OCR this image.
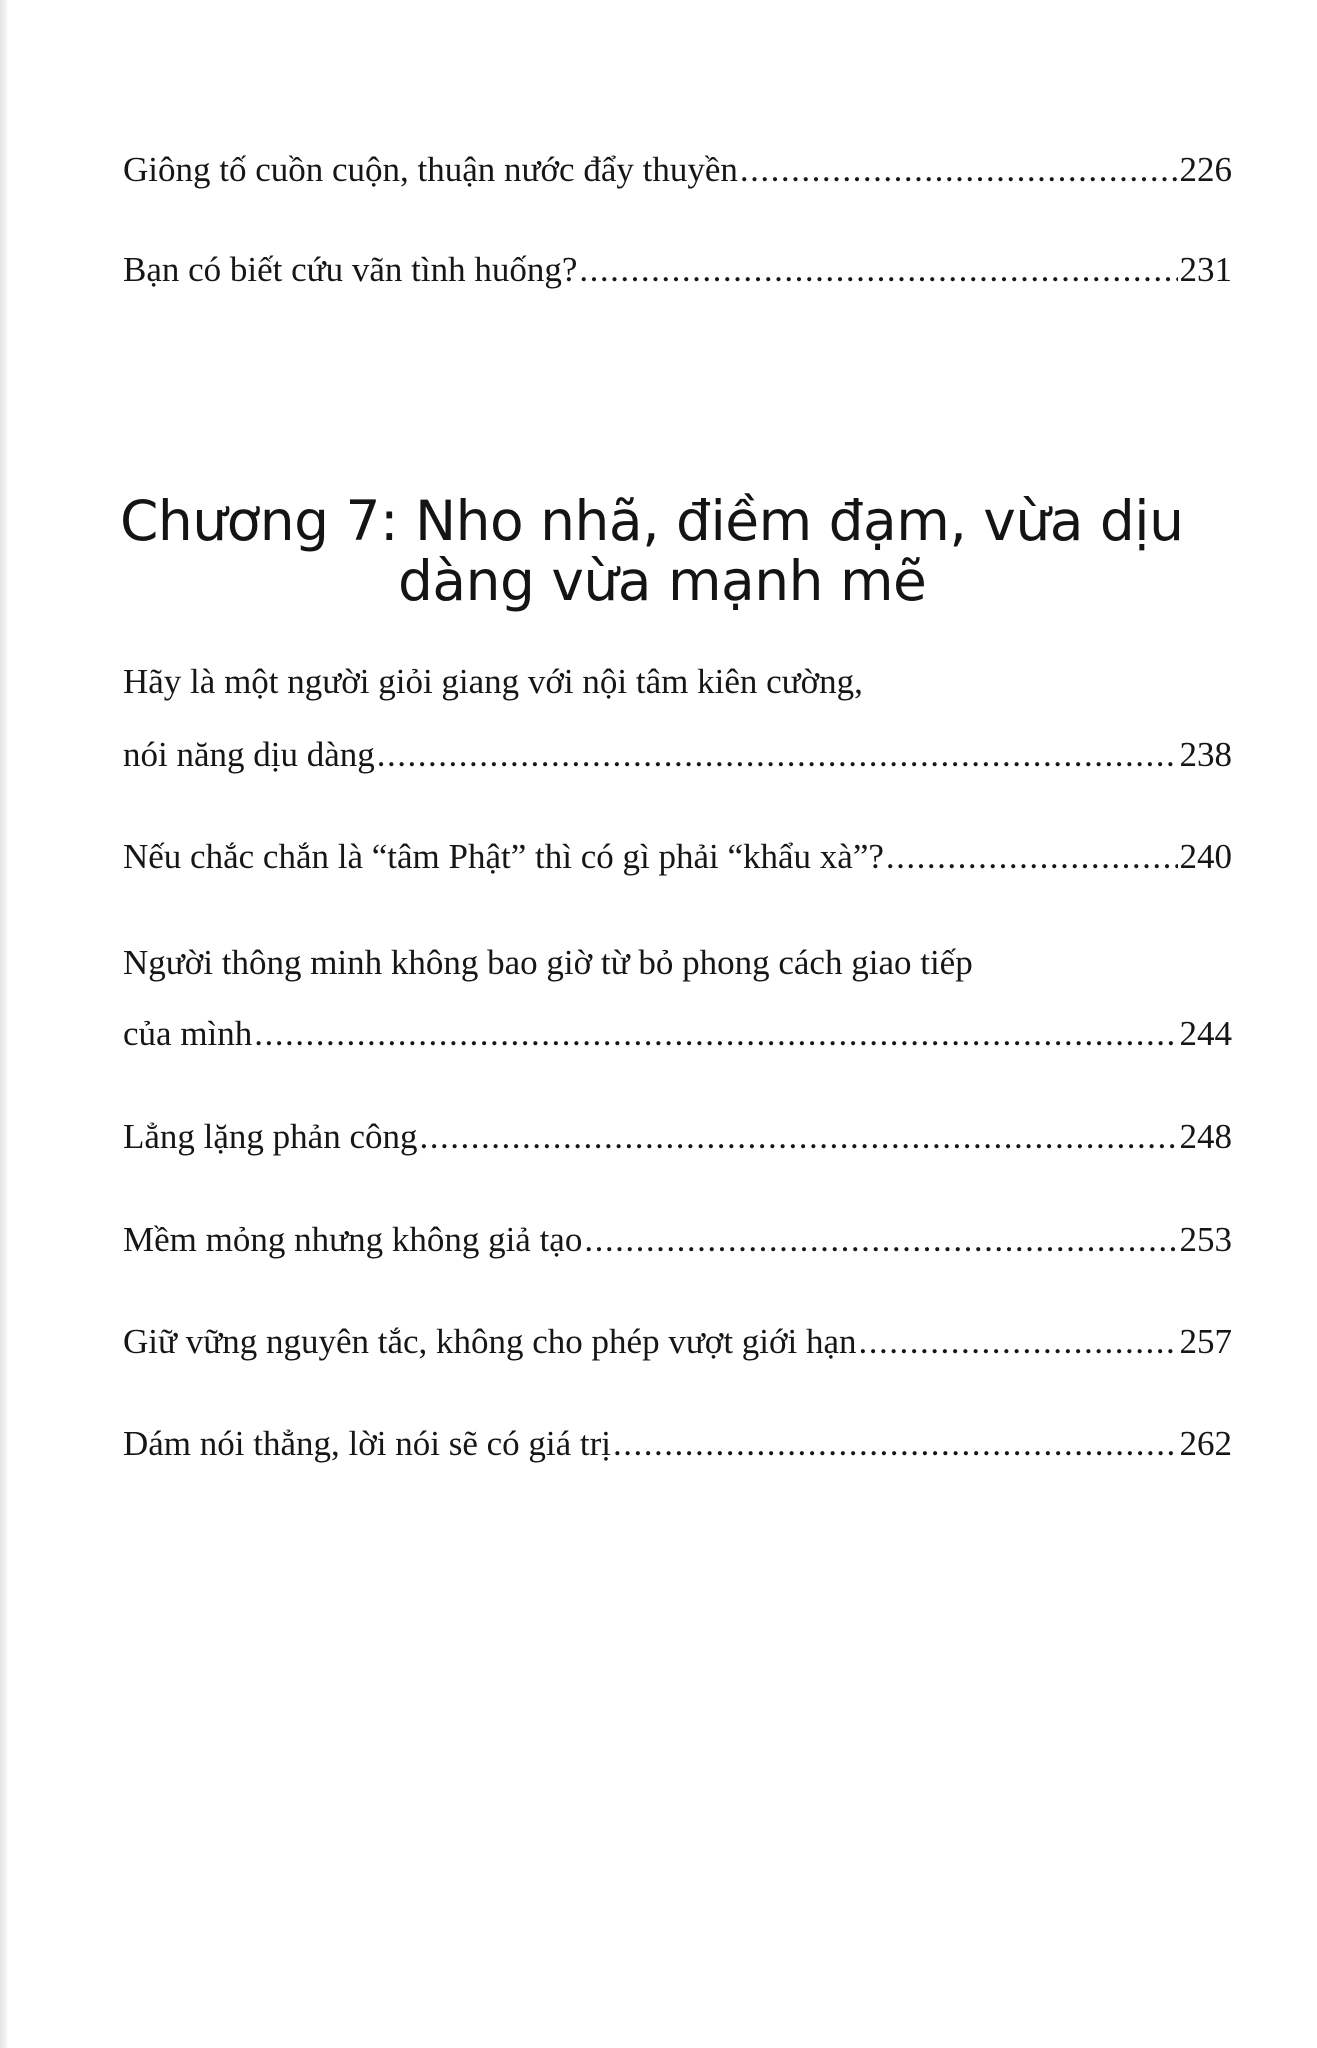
Giông tố cuồn cuộn, thuận nước đẩy thuyền .....	226
Bạn có biết cứu vãn tình huống? .....	231
Chương 7: Nho nhã, điềm đạm, vừa dịu
dàng vừa mạnh mẽ
Hãy là một người giỏi giang với nội tâm kiên cường,
nói năng dịu dàng .....	238
Nếu chắc chắn là “tâm Phật” thì có gì phải “khẩu xà”? .....	240
Người thông minh không bao giờ từ bỏ phong cách giao tiếp
của mình .....	244
Lẳng lặng phản công .....	248
Mềm mỏng nhưng không giả tạo .....	253
Giữ vững nguyên tắc, không cho phép vượt giới hạn .....	257
Dám nói thẳng, lời nói sẽ có giá trị .....	262
